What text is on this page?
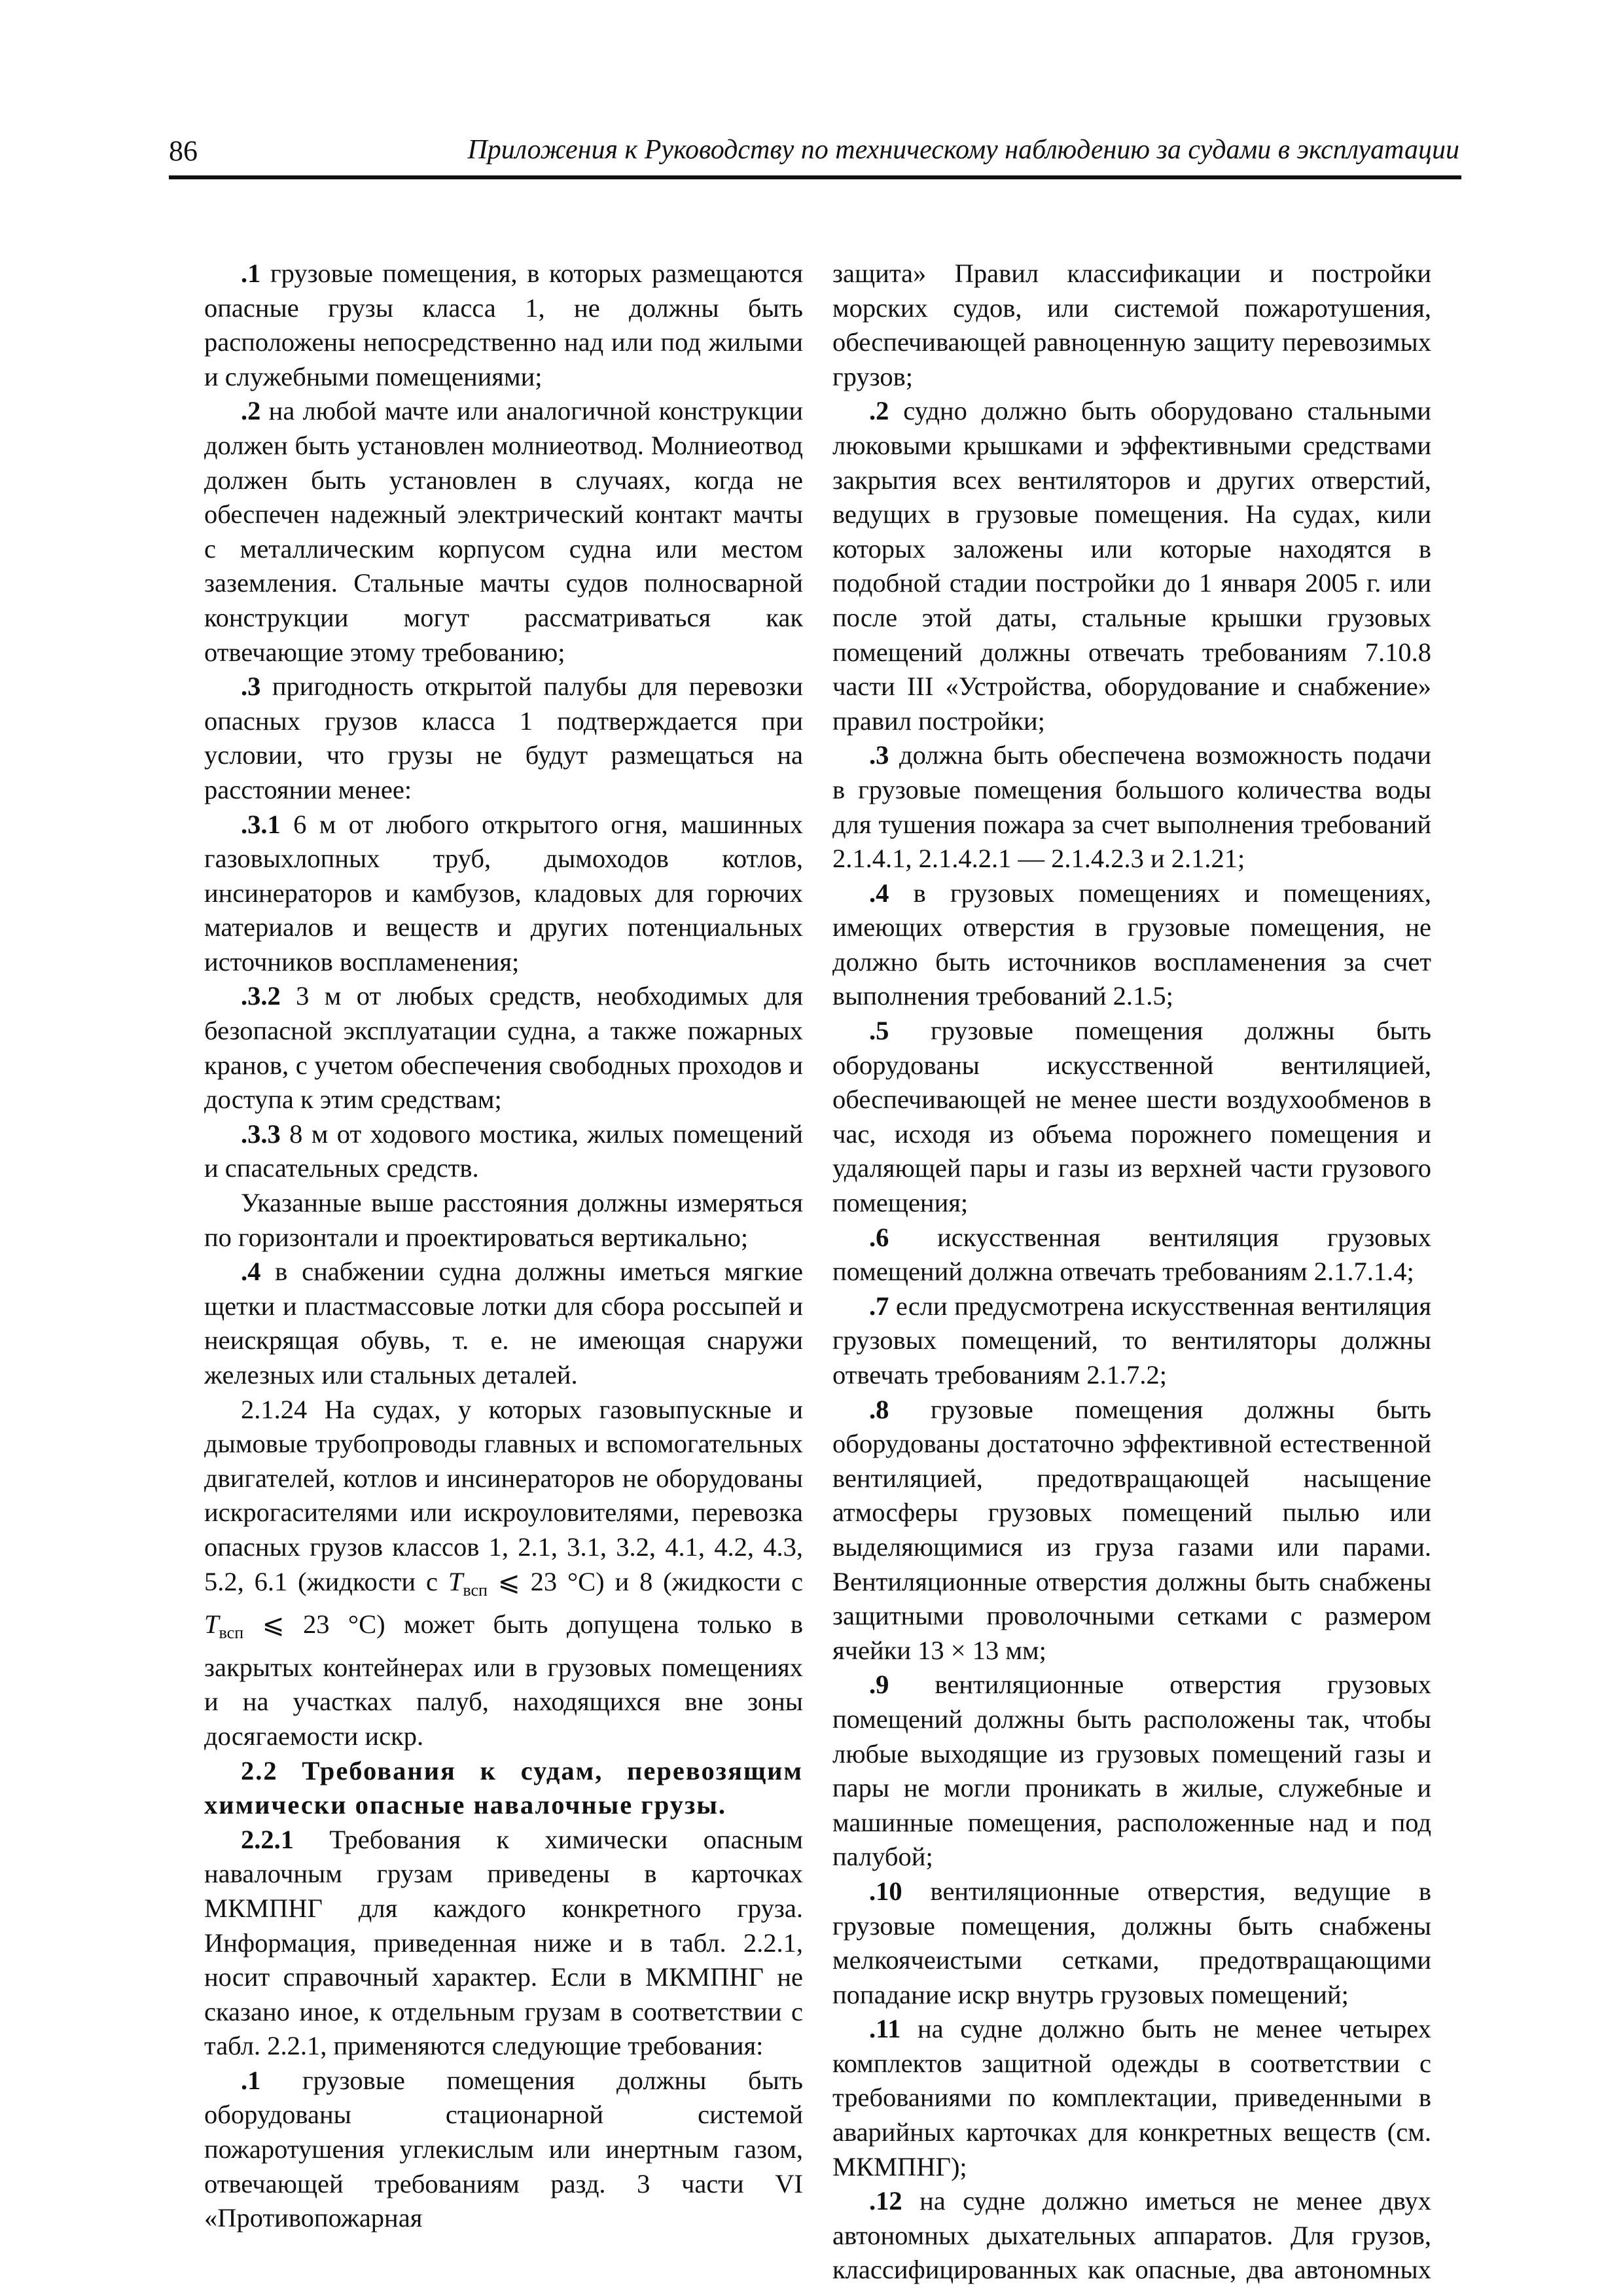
86	Приложения к Руководству по техническому наблюдению за судами в эксплуатации

.1 грузовые помещения, в которых размещаются опасные грузы класса 1, не должны быть расположены непосредственно над или под жилыми и служебными помещениями;

.2 на любой мачте или аналогичной конструкции должен быть установлен молниеотвод. Молниеотвод должен быть установлен в случаях, когда не обеспечен надежный электрический контакт мачты с металлическим корпусом судна или местом заземления. Стальные мачты судов полносварной конструкции могут рассматриваться как отвечающие этому требованию;

.3 пригодность открытой палубы для перевозки опасных грузов класса 1 подтверждается при условии, что грузы не будут размещаться на расстоянии менее:

.3.1 6 м от любого открытого огня, машинных газовыхлопных труб, дымоходов котлов, инсинераторов и камбузов, кладовых для горючих материалов и веществ и других потенциальных источников воспламенения;

.3.2 3 м от любых средств, необходимых для безопасной эксплуатации судна, а также пожарных кранов, с учетом обеспечения свободных проходов и доступа к этим средствам;

.3.3 8 м от ходового мостика, жилых помещений и спасательных средств.

Указанные выше расстояния должны измеряться по горизонтали и проектироваться вертикально;

.4 в снабжении судна должны иметься мягкие щетки и пластмассовые лотки для сбора россыпей и неискрящая обувь, т. е. не имеющая снаружи железных или стальных деталей.

2.1.24 На судах, у которых газовыпускные и дымовые трубопроводы главных и вспомогательных двигателей, котлов и инсинераторов не оборудованы искрогасителями или искроуловителями, перевозка опасных грузов классов 1, 2.1, 3.1, 3.2, 4.1, 4.2, 4.3, 5.2, 6.1 (жидкости с $T_{всп}$ ⩽ 23 °C) и 8 (жидкости с $T_{всп}$ ⩽ 23 °C) может быть допущена только в закрытых контейнерах или в грузовых помещениях и на участках палуб, находящихся вне зоны досягаемости искр.

2.2 Требования к судам, перевозящим химически опасные навалочные грузы.

2.2.1 Требования к химически опасным навалочным грузам приведены в карточках МКМПНГ для каждого конкретного груза. Информация, приведенная ниже и в табл. 2.2.1, носит справочный характер. Если в МКМПНГ не сказано иное, к отдельным грузам в соответствии с табл. 2.2.1, применяются следующие требования:

.1 грузовые помещения должны быть оборудованы стационарной системой пожаротушения углекислым или инертным газом, отвечающей требованиям разд. 3 части VI «Противопожарная

защита» Правил классификации и постройки морских судов, или системой пожаротушения, обеспечивающей равноценную защиту перевозимых грузов;

.2 судно должно быть оборудовано стальными люковыми крышками и эффективными средствами закрытия всех вентиляторов и других отверстий, ведущих в грузовые помещения. На судах, кили которых заложены или которые находятся в подобной стадии постройки до 1 января 2005 г. или после этой даты, стальные крышки грузовых помещений должны отвечать требованиям 7.10.8 части III «Устройства, оборудование и снабжение» правил постройки;

.3 должна быть обеспечена возможность подачи в грузовые помещения большого количества воды для тушения пожара за счет выполнения требований 2.1.4.1, 2.1.4.2.1 — 2.1.4.2.3 и 2.1.21;

.4 в грузовых помещениях и помещениях, имеющих отверстия в грузовые помещения, не должно быть источников воспламенения за счет выполнения требований 2.1.5;

.5 грузовые помещения должны быть оборудованы искусственной вентиляцией, обеспечивающей не менее шести воздухообменов в час, исходя из объема порожнего помещения и удаляющей пары и газы из верхней части грузового помещения;

.6 искусственная вентиляция грузовых помещений должна отвечать требованиям 2.1.7.1.4;

.7 если предусмотрена искусственная вентиляция грузовых помещений, то вентиляторы должны отвечать требованиям 2.1.7.2;

.8 грузовые помещения должны быть оборудованы достаточно эффективной естественной вентиляцией, предотвращающей насыщение атмосферы грузовых помещений пылью или выделяющимися из груза газами или парами. Вентиляционные отверстия должны быть снабжены защитными проволочными сетками с размером ячейки 13 × 13 мм;

.9 вентиляционные отверстия грузовых помещений должны быть расположены так, чтобы любые выходящие из грузовых помещений газы и пары не могли проникать в жилые, служебные и машинные помещения, расположенные над и под палубой;

.10 вентиляционные отверстия, ведущие в грузовые помещения, должны быть снабжены мелкоячеистыми сетками, предотвращающими попадание искр внутрь грузовых помещений;

.11 на судне должно быть не менее четырех комплектов защитной одежды в соответствии с требованиями по комплектации, приведенными в аварийных карточках для конкретных веществ (см. МКМПНГ);

.12 на судне должно иметься не менее двух автономных дыхательных аппаратов. Для грузов, классифицированных как опасные, два автономных
